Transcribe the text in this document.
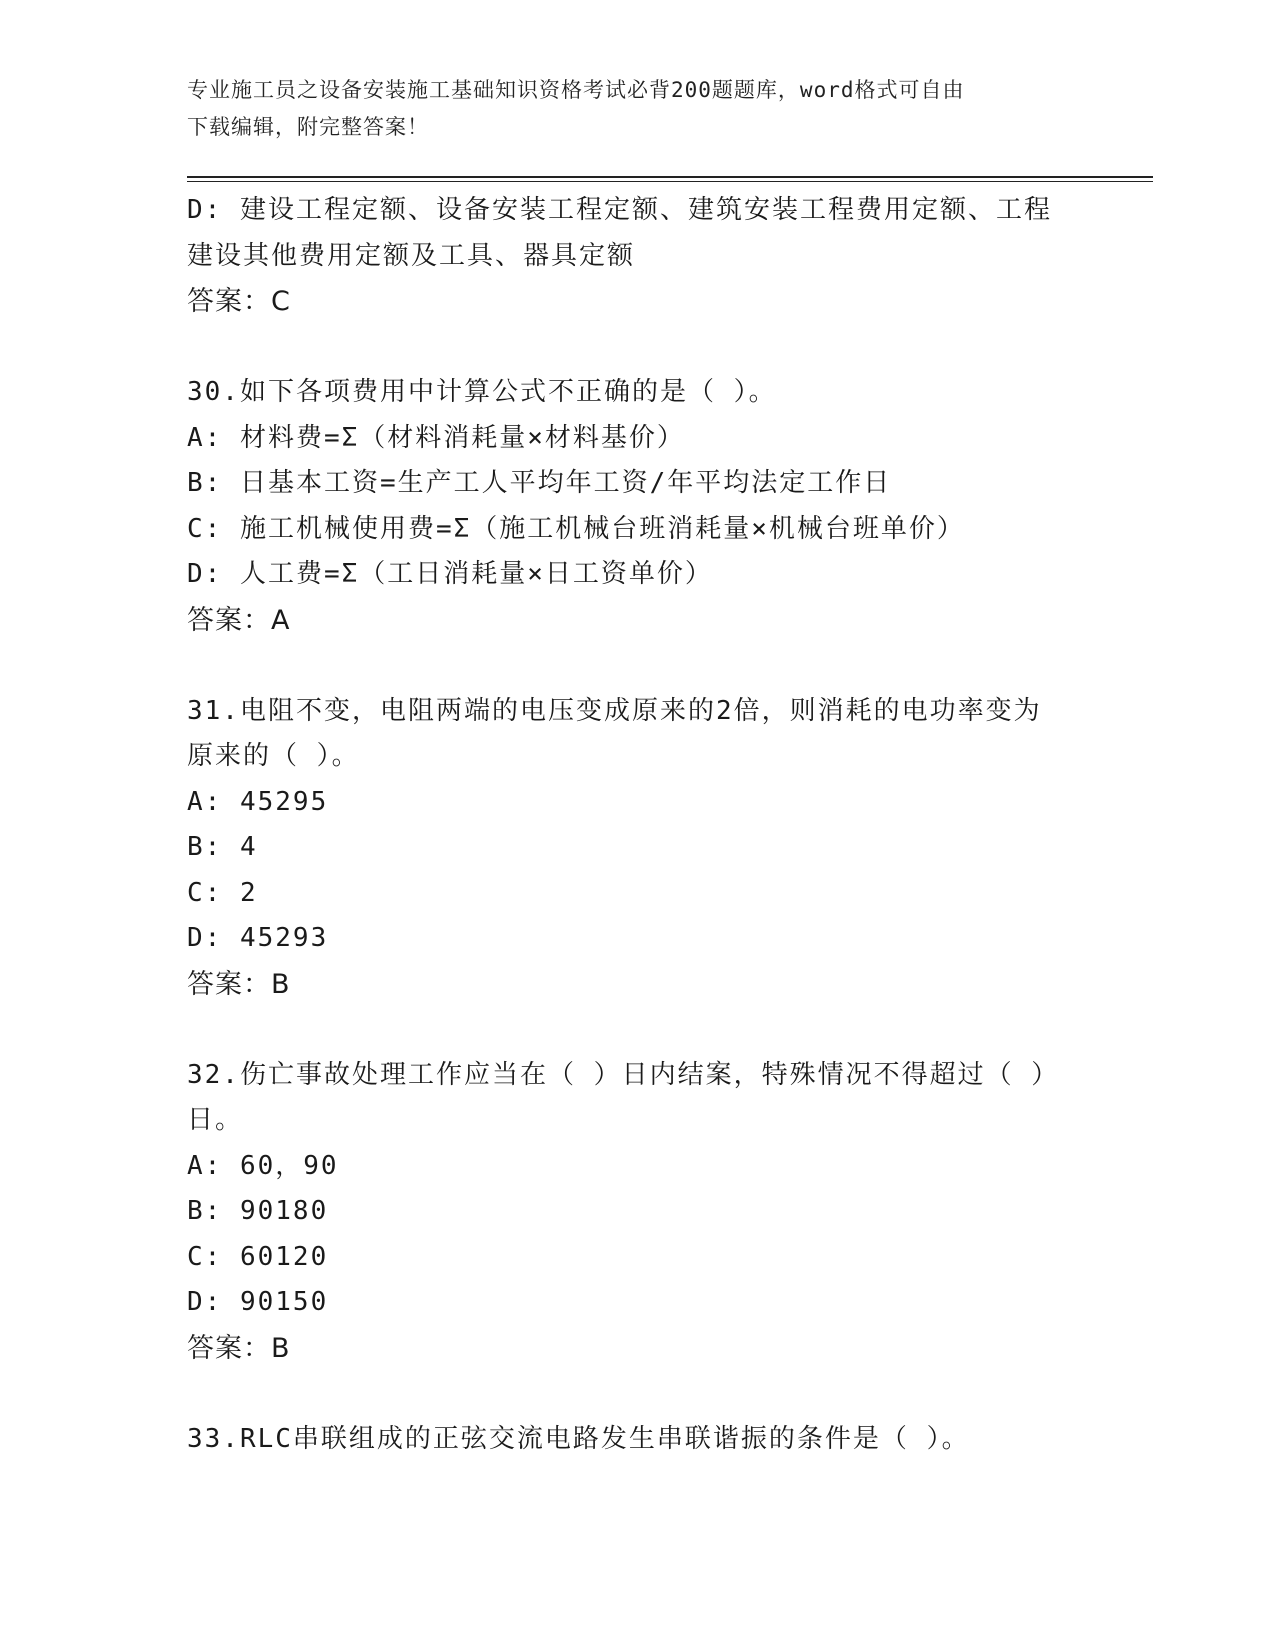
专业施工员之设备安装施工基础知识资格考试必背200题题库，word格式可自由

下载编辑，附完整答案！

D: 建设工程定额、设备安装工程定额、建筑安装工程费用定额、工程

建设其他费用定额及工具、器具定额

答案：C

30.如下各项费用中计算公式不正确的是（ ）。

A: 材料费=Σ（材料消耗量×材料基价）

B: 日基本工资=生产工人平均年工资/年平均法定工作日

C: 施工机械使用费=Σ（施工机械台班消耗量×机械台班单价）

D: 人工费=Σ（工日消耗量×日工资单价）

答案：A

31.电阻不变，电阻两端的电压变成原来的2倍，则消耗的电功率变为

原来的（ ）。

A: 45295

B: 4

C: 2

D: 45293

答案：B

32.伤亡事故处理工作应当在（ ）日内结案，特殊情况不得超过（ ）

日。

A: 60，90

B: 90180

C: 60120

D: 90150

答案：B

33.RLC串联组成的正弦交流电路发生串联谐振的条件是（ ）。
